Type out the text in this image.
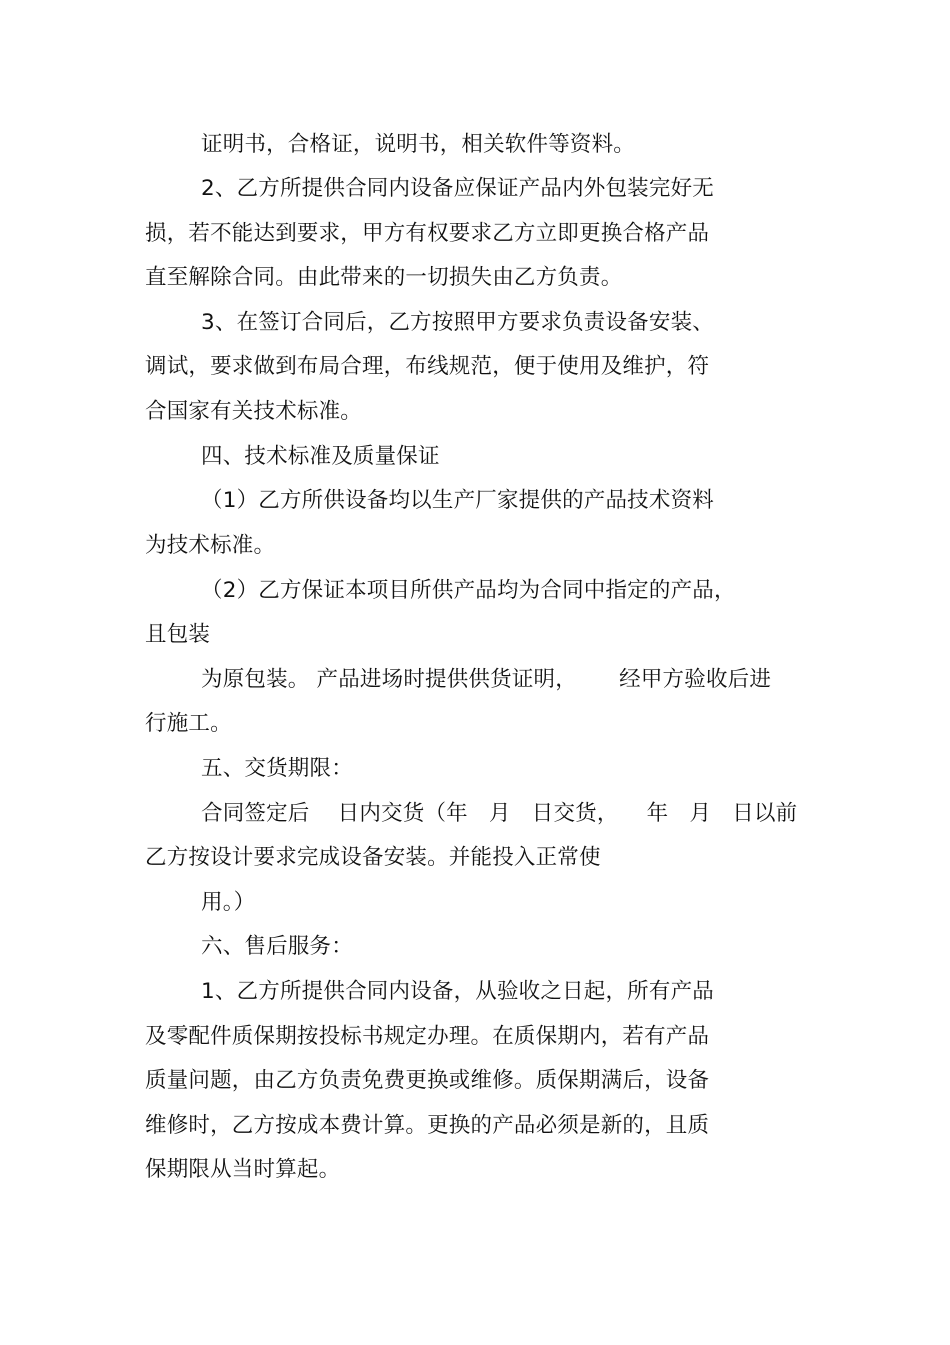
证明书，合格证，说明书，相关软件等资料。
2、乙方所提供合同内设备应保证产品内外包装完好无
损，若不能达到要求，甲方有权要求乙方立即更换合格产品
直至解除合同。由此带来的一切损失由乙方负责。
3、在签订合同后，乙方按照甲方要求负责设备安装、
调试，要求做到布局合理，布线规范，便于使用及维护，符
合国家有关技术标准。
四、技术标准及质量保证
（1）乙方所供设备均以生产厂家提供的产品技术资料
为技术标准。
（2）乙方保证本项目所供产品均为合同中指定的产品，
且包装
为原包装。 产品进场时提供供货证明，      经甲方验收后进
行施工。
五、交货期限：
合同签定后    日内交货（年   月   日交货，    年   月   日以前
乙方按设计要求完成设备安装。并能投入正常使
用。）
六、售后服务：
1、乙方所提供合同内设备，从验收之日起，所有产品
及零配件质保期按投标书规定办理。在质保期内，若有产品
质量问题，由乙方负责免费更换或维修。质保期满后，设备
维修时，乙方按成本费计算。更换的产品必须是新的，且质
保期限从当时算起。
